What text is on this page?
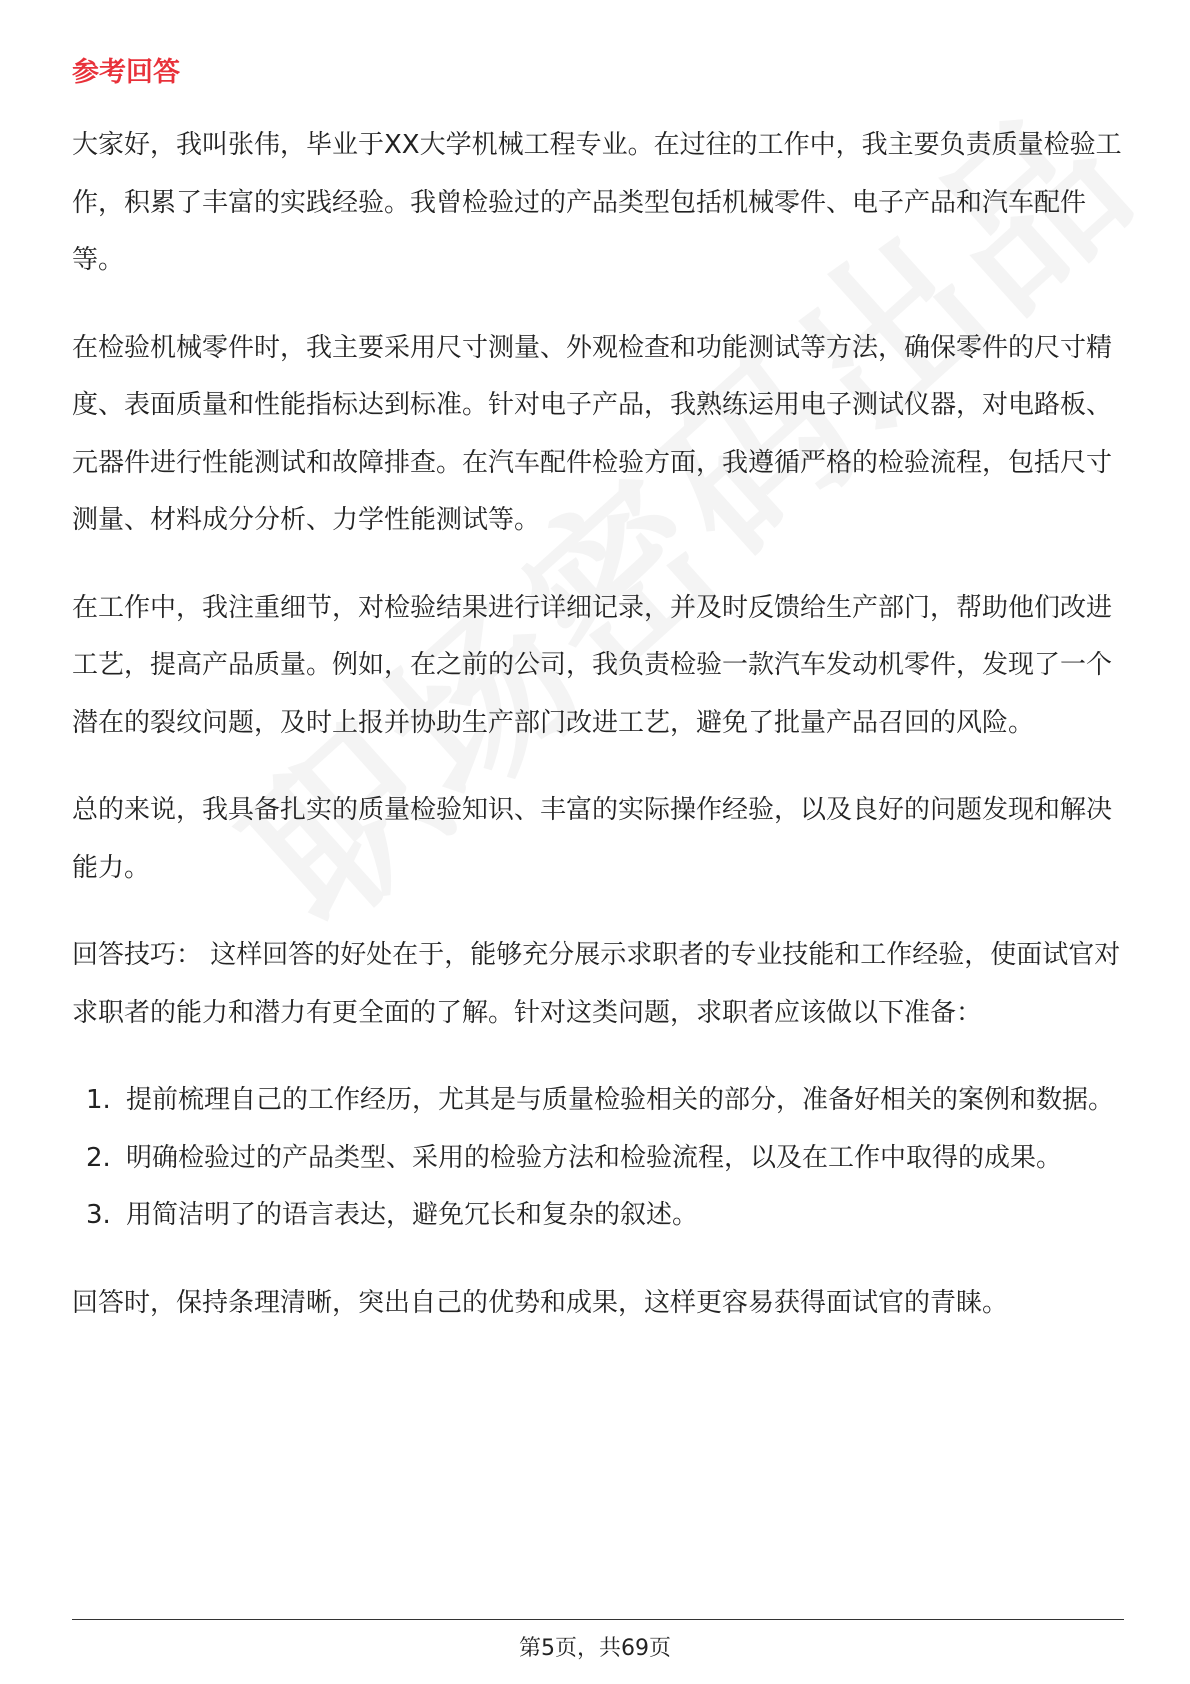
参考回答

大家好，我叫张伟，毕业于XX大学机械工程专业。在过往的工作中，我主要负责质量检验工作，积累了丰富的实践经验。我曾检验过的产品类型包括机械零件、电子产品和汽车配件等。

在检验机械零件时，我主要采用尺寸测量、外观检查和功能测试等方法，确保零件的尺寸精度、表面质量和性能指标达到标准。针对电子产品，我熟练运用电子测试仪器，对电路板、元器件进行性能测试和故障排查。在汽车配件检验方面，我遵循严格的检验流程，包括尺寸测量、材料成分分析、力学性能测试等。

在工作中，我注重细节，对检验结果进行详细记录，并及时反馈给生产部门，帮助他们改进工艺，提高产品质量。例如，在之前的公司，我负责检验一款汽车发动机零件，发现了一个潜在的裂纹问题，及时上报并协助生产部门改进工艺，避免了批量产品召回的风险。

总的来说，我具备扎实的质量检验知识、丰富的实际操作经验，以及良好的问题发现和解决能力。

回答技巧： 这样回答的好处在于，能够充分展示求职者的专业技能和工作经验，使面试官对求职者的能力和潜力有更全面的了解。针对这类问题，求职者应该做以下准备：

1. 提前梳理自己的工作经历，尤其是与质量检验相关的部分，准备好相关的案例和数据。
2. 明确检验过的产品类型、采用的检验方法和检验流程，以及在工作中取得的成果。
3. 用简洁明了的语言表达，避免冗长和复杂的叙述。

回答时，保持条理清晰，突出自己的优势和成果，这样更容易获得面试官的青睐。

第5页，共69页
